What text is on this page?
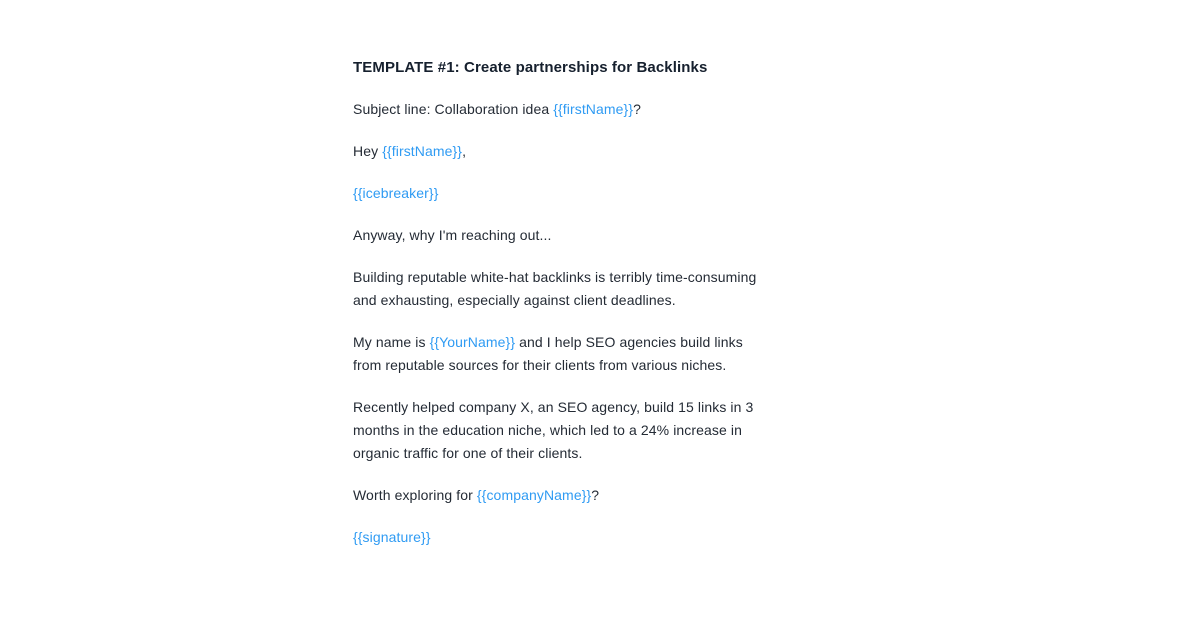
TEMPLATE #1: Create partnerships for Backlinks

Subject line: Collaboration idea {{firstName}}?

Hey {{firstName}},

{{icebreaker}}

Anyway, why I'm reaching out...

Building reputable white-hat backlinks is terribly time-consuming and exhausting, especially against client deadlines.

My name is {{YourName}} and I help SEO agencies build links from reputable sources for their clients from various niches.

Recently helped company X, an SEO agency, build 15 links in 3 months in the education niche, which led to a 24% increase in organic traffic for one of their clients.

Worth exploring for {{companyName}}?

{{signature}}
